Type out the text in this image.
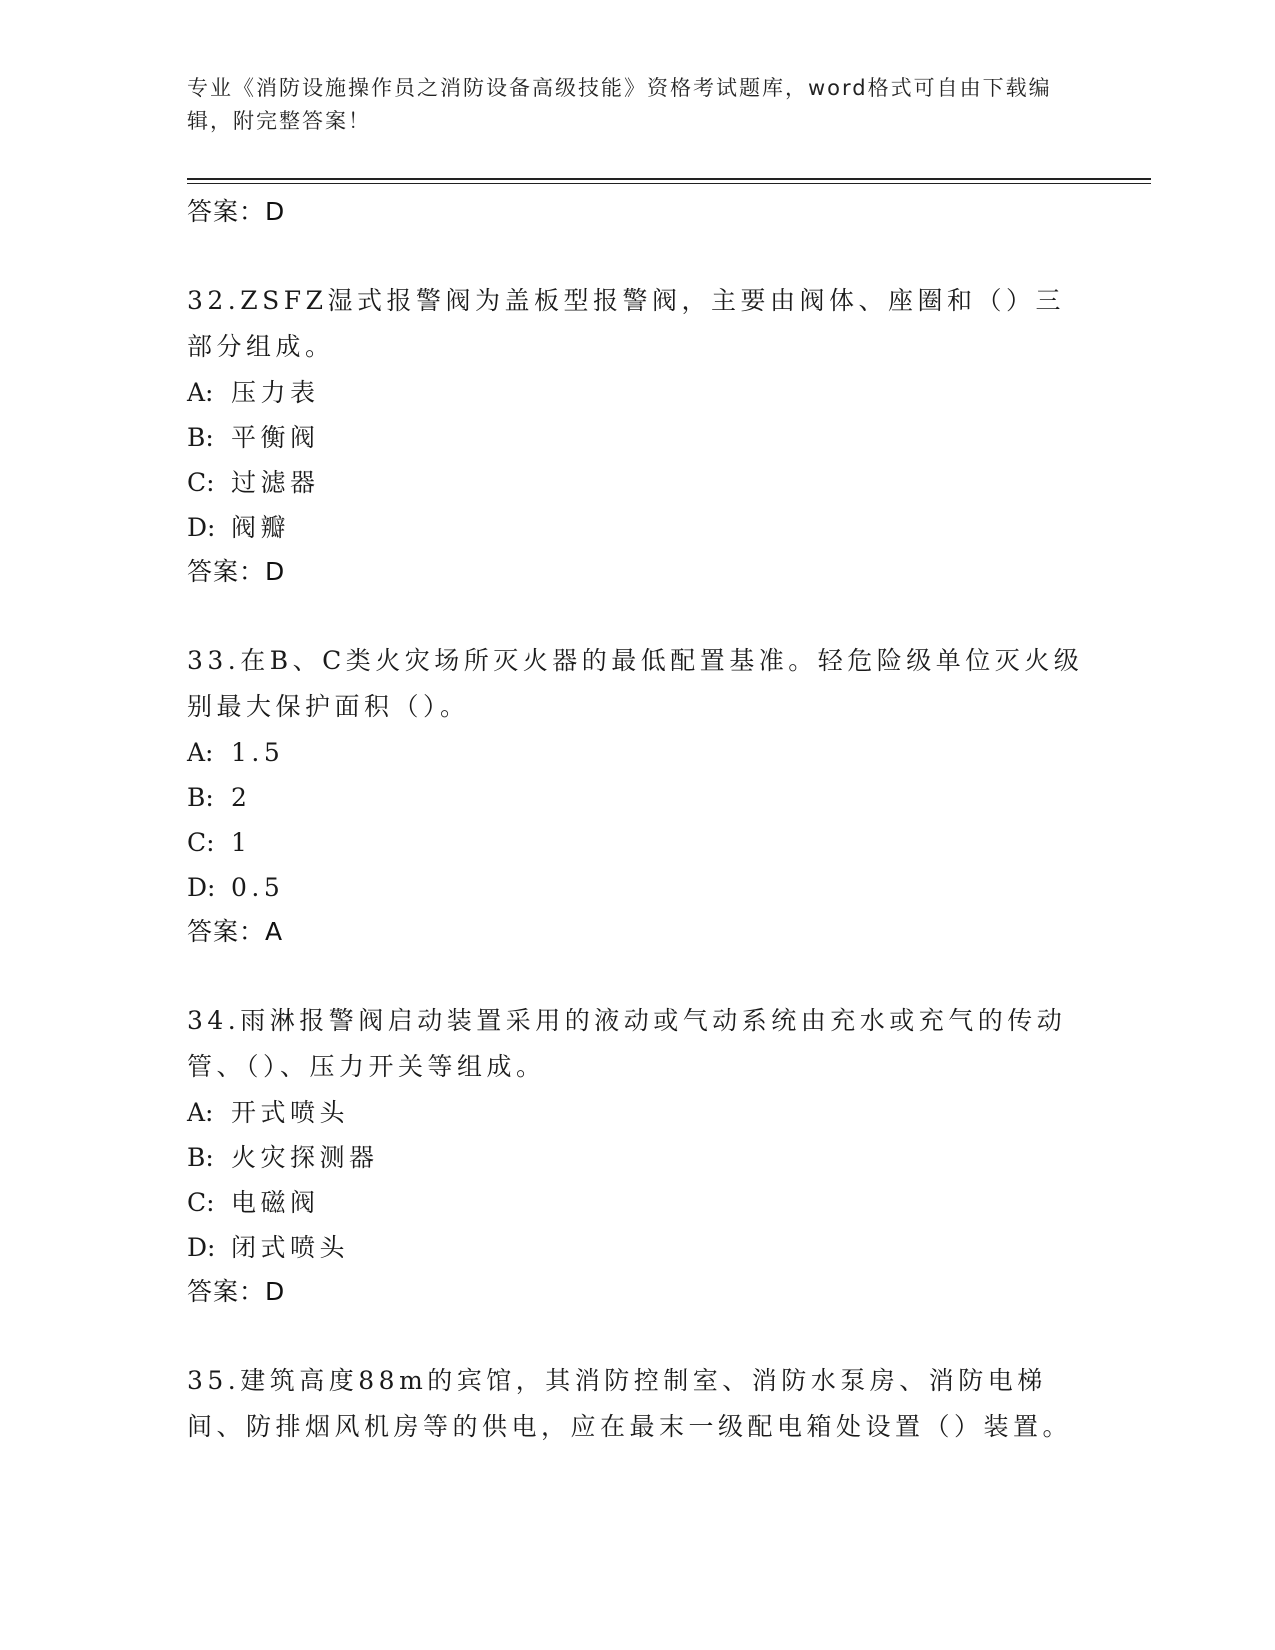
专业《消防设施操作员之消防设备高级技能》资格考试题库，word格式可自由下载编辑，附完整答案！
答案：D
32.ZSFZ湿式报警阀为盖板型报警阀，主要由阀体、座圈和（）三部分组成。
A: 压力表
B: 平衡阀
C: 过滤器
D: 阀瓣
答案：D
33.在B、C类火灾场所灭火器的最低配置基准。轻危险级单位灭火级别最大保护面积（）。
A: 1.5
B: 2
C: 1
D: 0.5
答案：A
34.雨淋报警阀启动装置采用的液动或气动系统由充水或充气的传动管、（）、压力开关等组成。
A: 开式喷头
B: 火灾探测器
C: 电磁阀
D: 闭式喷头
答案：D
35.建筑高度88m的宾馆，其消防控制室、消防水泵房、消防电梯间、防排烟风机房等的供电，应在最末一级配电箱处设置（）装置。
